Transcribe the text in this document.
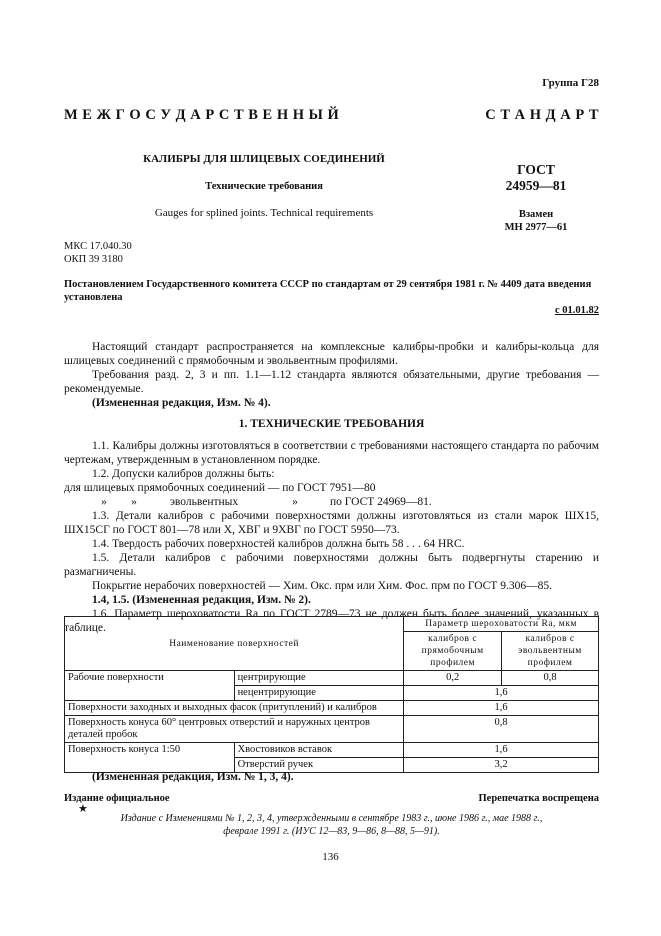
Группа Г28
М Е Ж Г О С У Д А Р С Т В Е Н Н Ы Й	С Т А Н Д А Р Т
КАЛИБРЫ ДЛЯ ШЛИЦЕВЫХ СОЕДИНЕНИЙ
Технические требования
Gauges for splined joints. Technical requirements
ГОСТ
24959—81
Взамен
МН 2977—61
МКС 17.040.30
ОКП 39 3180
Постановлением Государственного комитета СССР по стандартам от 29 сентября 1981 г. № 4409 дата введения установлена
с 01.01.82

Настоящий стандарт распространяется на комплексные калибры-пробки и калибры-кольца для шлицевых соединений с прямобочным и эвольвентным профилями.

Требования разд. 2, 3 и пп. 1.1—1.12 стандарта являются обязательными, другие требования — рекомендуемые.

(Измененная редакция, Изм. № 4).

1. ТЕХНИЧЕСКИЕ ТРЕБОВАНИЯ

1.1. Калибры должны изготовляться в соответствии с требованиями настоящего стандарта по рабочим чертежам, утвержденным в установленном порядке.

1.2. Допуски калибров должны быть:

для шлицевых прямобочных соединений — по ГОСТ 7951—80

» »	эвольвентных	»	по ГОСТ 24969—81.

1.3. Детали калибров с рабочими поверхностями должны изготовляться из стали марок ШХ15, ШХ15СГ по ГОСТ 801—78 или Х, ХВГ и 9ХВГ по ГОСТ 5950—73.

1.4. Твердость рабочих поверхностей калибров должна быть 58 . . . 64 HRC.

1.5. Детали калибров с рабочими поверхностями должны быть подвергнуты старению и размагничены.

Покрытие нерабочих поверхностей — Хим. Окс. прм или Хим. Фос. прм по ГОСТ 9.306—85.

1.4, 1.5. (Измененная редакция, Изм. № 2).

1.6. Параметр шероховатости Ra по ГОСТ 2789—73 не должен быть более значений, указанных в таблице.

Наименование поверхностей		Параметр шероховатости Ra, мкм	
		калибров с прямобочным профилем	калибров с эвольвентным профилем
Рабочие поверхности	центрирующие	0,2	0,8
	нецентрирующие	1,6	
Поверхности заходных и выходных фасок (притуплений) и калибров		1,6	
Поверхность конуса 60° центровых отверстий и наружных центров деталей пробок		0,8	
Поверхность конуса 1:50	Хвостовиков вставок	1,6	
	Отверстий ручек	3,2	
(Измененная редакция, Изм. № 1, 3, 4).
Издание официальное	Перепечатка воспрещена
★
Издание с Изменениями № 1, 2, 3, 4, утвержденными в сентябре 1983 г., июне 1986 г., мае 1988 г.,
феврале 1991 г. (ИУС 12—83, 9—86, 8—88, 5—91).
136
